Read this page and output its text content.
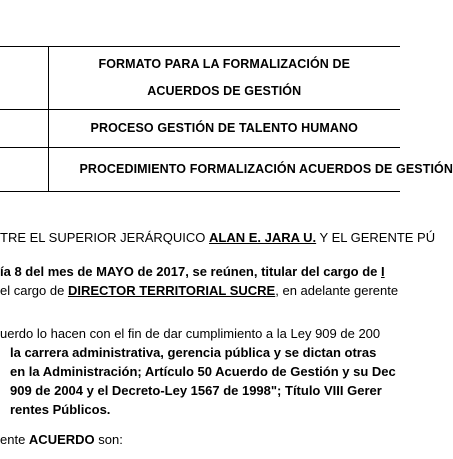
	FORMATO PARA LA FORMALIZACIÓN DE
ACUERDOS DE GESTIÓN

	PROCESO GESTIÓN DE TALENTO HUMANO

	PROCEDIMIENTO FORMALIZACIÓN ACUERDOS DE GESTIÓN
TRE EL SUPERIOR JERÁRQUICO ALAN E. JARA U. Y EL GERENTE PÚ
ía 8 del mes de MAYO de 2017, se reúnen, titular del cargo de I
el cargo de DIRECTOR TERRITORIAL SUCRE, en adelante gerente
uerdo lo hacen con el fin de dar cumplimiento a la Ley 909 de 200
la carrera administrativa, gerencia pública y se dictan otras
en la Administración; Artículo 50 Acuerdo de Gestión y su Dec
909 de 2004 y el Decreto-Ley 1567 de 1998"; Título VIII Gerer
rentes Públicos.
ente ACUERDO son:
